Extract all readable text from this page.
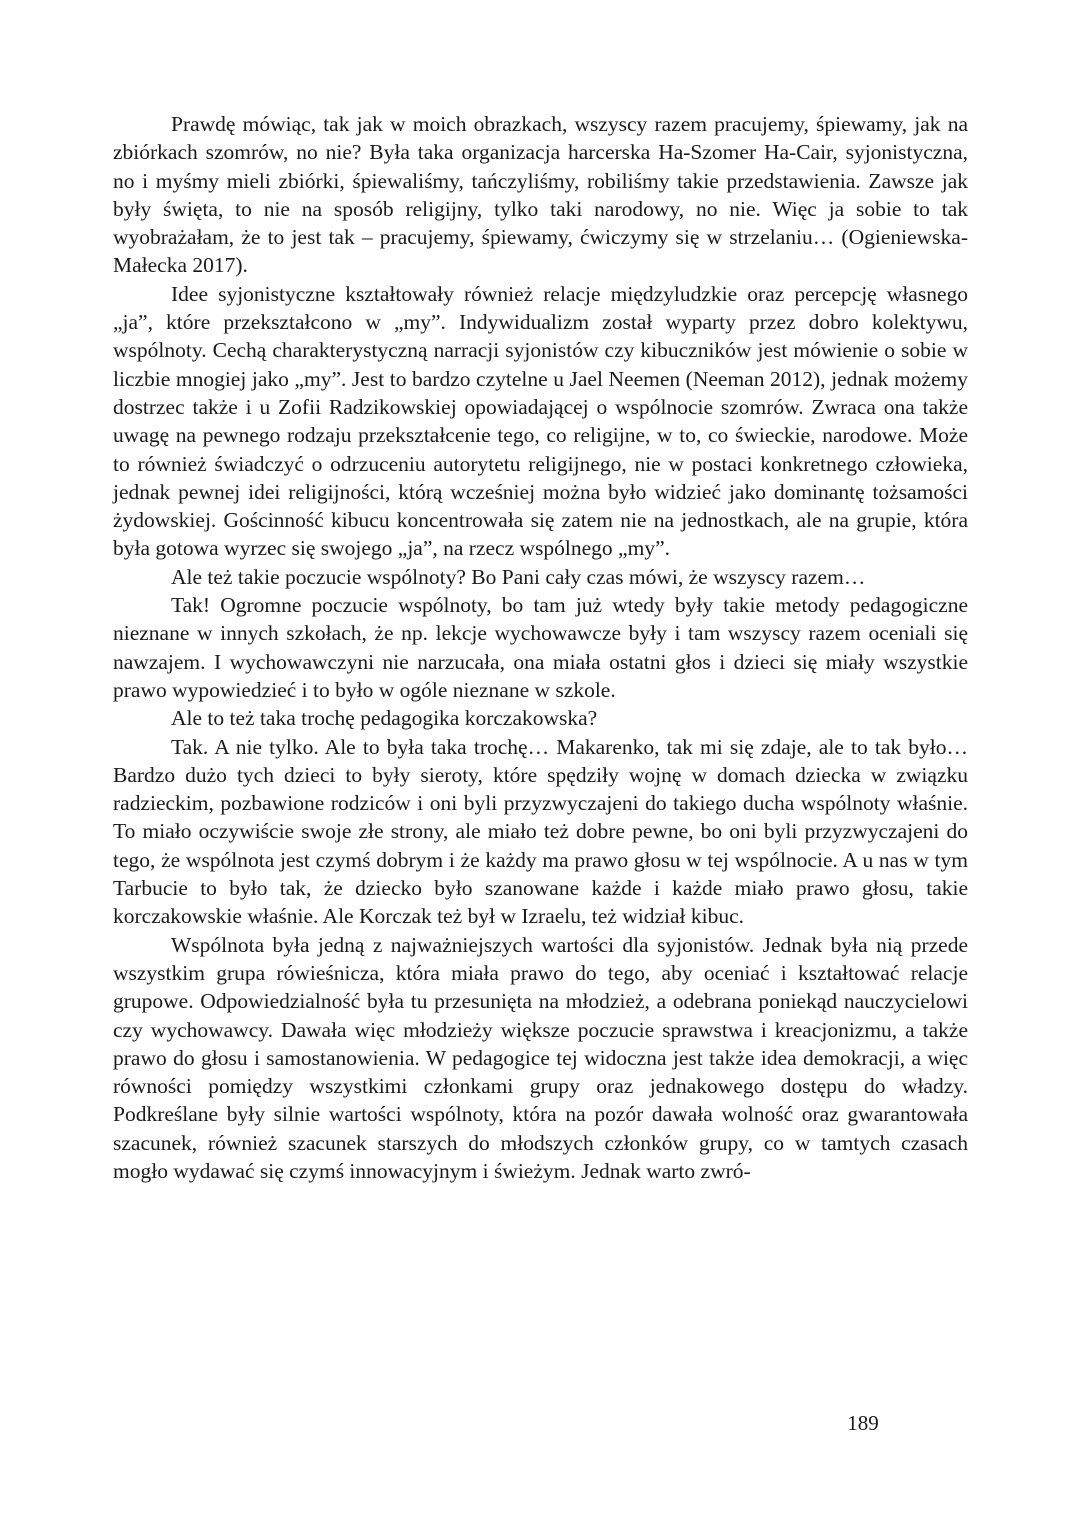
Prawdę mówiąc, tak jak w moich obrazkach, wszyscy razem pracujemy, śpiewamy, jak na zbiórkach szomrów, no nie? Była taka organizacja harcerska Ha-Szomer Ha-Cair, syjonistyczna, no i myśmy mieli zbiórki, śpiewaliśmy, tańczyliśmy, robiliśmy takie przedstawienia. Zawsze jak były święta, to nie na sposób religijny, tylko taki narodowy, no nie. Więc ja sobie to tak wyobrażałam, że to jest tak – pracujemy, śpiewamy, ćwiczymy się w strzelaniu… (Ogieniewska-Małecka 2017).

Idee syjonistyczne kształtowały również relacje międzyludzkie oraz percepcję własnego „ja”, które przekształcono w „my”. Indywidualizm został wyparty przez dobro kolektywu, wspólnoty. Cechą charakterystyczną narracji syjonistów czy kibuczników jest mówienie o sobie w liczbie mnogiej jako „my”. Jest to bardzo czytelne u Jael Neemen (Neeman 2012), jednak możemy dostrzec także i u Zofii Radzikowskiej opowiadającej o wspólnocie szomrów. Zwraca ona także uwagę na pewnego rodzaju przekształcenie tego, co religijne, w to, co świeckie, narodowe. Może to również świadczyć o odrzuceniu autorytetu religijnego, nie w postaci konkretnego człowieka, jednak pewnej idei religijności, którą wcześniej można było widzieć jako dominantę tożsamości żydowskiej. Gościnność kibucu koncentrowała się zatem nie na jednostkach, ale na grupie, która była gotowa wyrzec się swojego „ja”, na rzecz wspólnego „my”.

Ale też takie poczucie wspólnoty? Bo Pani cały czas mówi, że wszyscy razem…

Tak! Ogromne poczucie wspólnoty, bo tam już wtedy były takie metody pedagogiczne nieznane w innych szkołach, że np. lekcje wychowawcze były i tam wszyscy razem oceniali się nawzajem. I wychowawczyni nie narzucała, ona miała ostatni głos i dzieci się miały wszystkie prawo wypowiedzieć i to było w ogóle nieznane w szkole.

Ale to też taka trochę pedagogika korczakowska?

Tak. A nie tylko. Ale to była taka trochę… Makarenko, tak mi się zdaje, ale to tak było… Bardzo dużo tych dzieci to były sieroty, które spędziły wojnę w domach dziecka w związku radzieckim, pozbawione rodziców i oni byli przyzwyczajeni do takiego ducha wspólnoty właśnie. To miało oczywiście swoje złe strony, ale miało też dobre pewne, bo oni byli przyzwyczajeni do tego, że wspólnota jest czymś dobrym i że każdy ma prawo głosu w tej wspólnocie. A u nas w tym Tarbucie to było tak, że dziecko było szanowane każde i każde miało prawo głosu, takie korczakowskie właśnie. Ale Korczak też był w Izraelu, też widział kibuc.

Wspólnota była jedną z najważniejszych wartości dla syjonistów. Jednak była nią przede wszystkim grupa rówieśnicza, która miała prawo do tego, aby oceniać i kształtować relacje grupowe. Odpowiedzialność była tu przesunięta na młodzież, a odebrana poniekąd nauczycielowi czy wychowawcy. Dawała więc młodzieży większe poczucie sprawstwa i kreacjonizmu, a także prawo do głosu i samostanowienia. W pedagogice tej widoczna jest także idea demokracji, a więc równości pomiędzy wszystkimi członkami grupy oraz jednakowego dostępu do władzy. Podkreślane były silnie wartości wspólnoty, która na pozór dawała wolność oraz gwarantowała szacunek, również szacunek starszych do młodszych członków grupy, co w tamtych czasach mogło wydawać się czymś innowacyjnym i świeżym. Jednak warto zwró-

189
